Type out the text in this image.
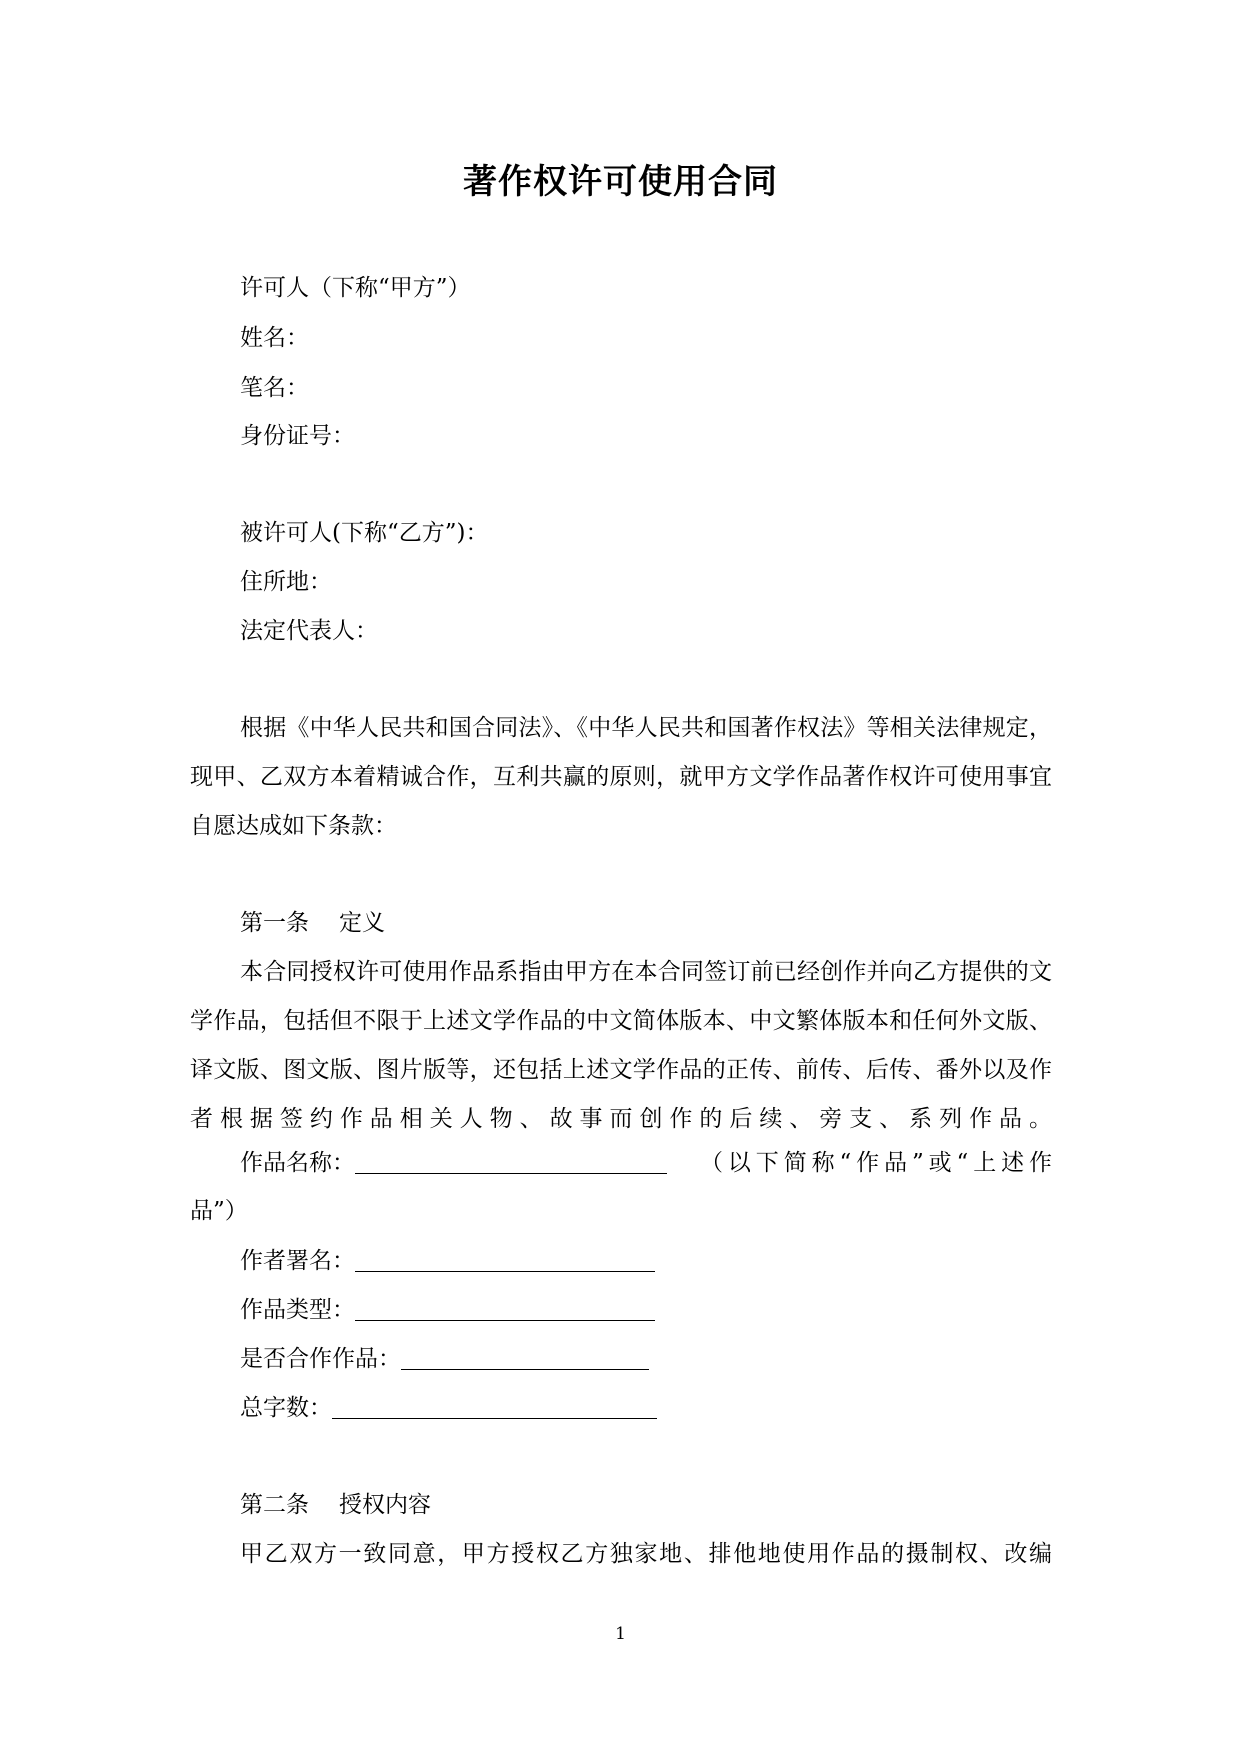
著作权许可使用合同
许可人（下称“甲方”）
姓名：
笔名：
身份证号：
被许可人(下称“乙方”)：
住所地：
法定代表人：
根据《中华人民共和国合同法》、《中华人民共和国著作权法》等相关法律规定，现甲、乙双方本着精诚合作，互利共赢的原则，就甲方文学作品著作权许可使用事宜自愿达成如下条款：
第一条 定义
本合同授权许可使用作品系指由甲方在本合同签订前已经创作并向乙方提供的文学作品，包括但不限于上述文学作品的中文简体版本、中文繁体版本和任何外文版、译文版、图文版、图片版等，还包括上述文学作品的正传、前传、后传、番外以及作者根据签约作品相关人物、故事而创作的后续、旁支、系列作品。
作品名称：	（以下简称“作品”或“上述作
品”）
作者署名：
作品类型：
是否合作作品：
总字数：
第二条 授权内容
甲乙双方一致同意，甲方授权乙方独家地、排他地使用作品的摄制权、改编
1
